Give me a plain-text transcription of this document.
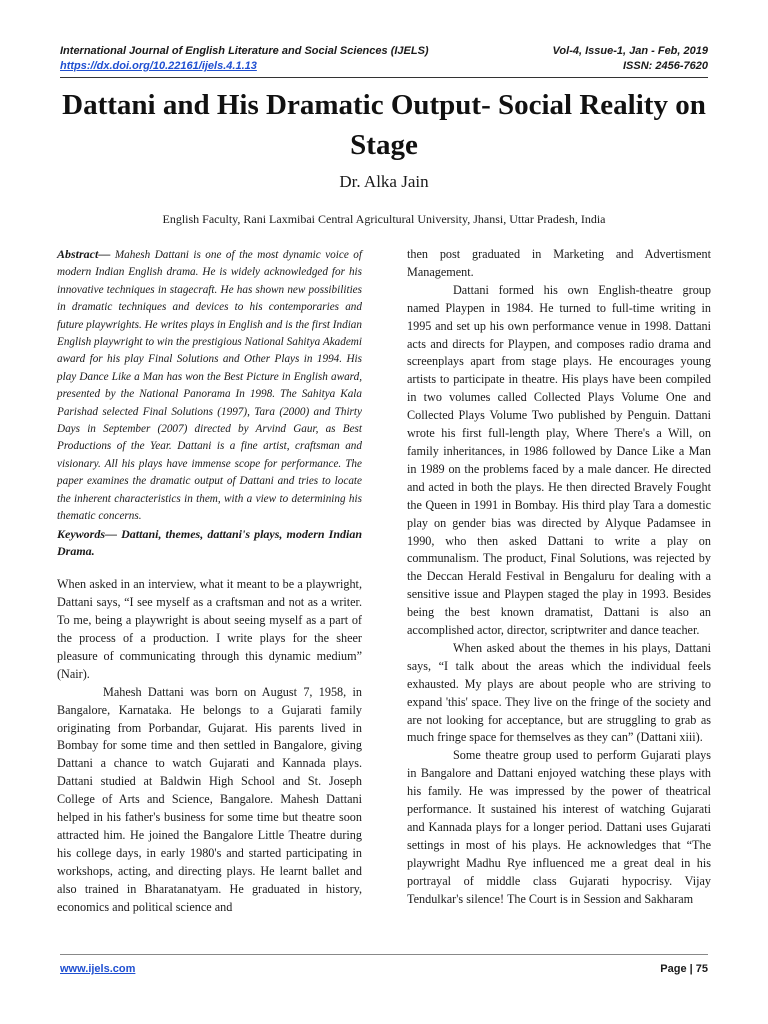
International Journal of English Literature and Social Sciences (IJELS)	Vol-4, Issue-1, Jan - Feb, 2019
https://dx.doi.org/10.22161/ijels.4.1.13	ISSN: 2456-7620
Dattani and His Dramatic Output- Social Reality on Stage
Dr. Alka Jain
English Faculty, Rani Laxmibai Central Agricultural University, Jhansi, Uttar Pradesh, India

Abstract— Mahesh Dattani is one of the most dynamic voice of modern Indian English drama. He is widely acknowledged for his innovative techniques in stagecraft. He has shown new possibilities in dramatic techniques and devices to his contemporaries and future playwrights. He writes plays in English and is the first Indian English playwright to win the prestigious National Sahitya Akademi award for his play Final Solutions and Other Plays in 1994. His play Dance Like a Man has won the Best Picture in English award, presented by the National Panorama In 1998. The Sahitya Kala Parishad selected Final Solutions (1997), Tara (2000) and Thirty Days in September (2007) directed by Arvind Gaur, as Best Productions of the Year. Dattani is a fine artist, craftsman and visionary. All his plays have immense scope for performance. The paper examines the dramatic output of Dattani and tries to locate the inherent characteristics in them, with a view to determining his thematic concerns.

Keywords— Dattani, themes, dattani's plays, modern Indian Drama.

When asked in an interview, what it meant to be a playwright, Dattani says, “I see myself as a craftsman and not as a writer. To me, being a playwright is about seeing myself as a part of the process of a production. I write plays for the sheer pleasure of communicating through this dynamic medium” (Nair).

Mahesh Dattani was born on August 7, 1958, in Bangalore, Karnataka. He belongs to a Gujarati family originating from Porbandar, Gujarat. His parents lived in Bombay for some time and then settled in Bangalore, giving Dattani a chance to watch Gujarati and Kannada plays. Dattani studied at Baldwin High School and St. Joseph College of Arts and Science, Bangalore. Mahesh Dattani helped in his father's business for some time but theatre soon attracted him. He joined the Bangalore Little Theatre during his college days, in early 1980's and started participating in workshops, acting, and directing plays. He learnt ballet and also trained in Bharatanatyam. He graduated in history, economics and political science and

then post graduated in Marketing and Advertisment Management.

Dattani formed his own English-theatre group named Playpen in 1984. He turned to full-time writing in 1995 and set up his own performance venue in 1998. Dattani acts and directs for Playpen, and composes radio drama and screenplays apart from stage plays. He encourages young artists to participate in theatre. His plays have been compiled in two volumes called Collected Plays Volume One and Collected Plays Volume Two published by Penguin. Dattani wrote his first full-length play, Where There's a Will, on family inheritances, in 1986 followed by Dance Like a Man in 1989 on the problems faced by a male dancer. He directed and acted in both the plays. He then directed Bravely Fought the Queen in 1991 in Bombay. His third play Tara a domestic play on gender bias was directed by Alyque Padamsee in 1990, who then asked Dattani to write a play on communalism. The product, Final Solutions, was rejected by the Deccan Herald Festival in Bengaluru for dealing with a sensitive issue and Playpen staged the play in 1993. Besides being the best known dramatist, Dattani is also an accomplished actor, director, scriptwriter and dance teacher.

When asked about the themes in his plays, Dattani says, “I talk about the areas which the individual feels exhausted. My plays are about people who are striving to expand 'this' space. They live on the fringe of the society and are not looking for acceptance, but are struggling to grab as much fringe space for themselves as they can” (Dattani xiii).

Some theatre group used to perform Gujarati plays in Bangalore and Dattani enjoyed watching these plays with his family. He was impressed by the power of theatrical performance. It sustained his interest of watching Gujarati and Kannada plays for a longer period. Dattani uses Gujarati settings in most of his plays. He acknowledges that “The playwright Madhu Rye influenced me a great deal in his portrayal of middle class Gujarati hypocrisy. Vijay Tendulkar's silence! The Court is in Session and Sakharam

www.ijels.com	Page | 75
